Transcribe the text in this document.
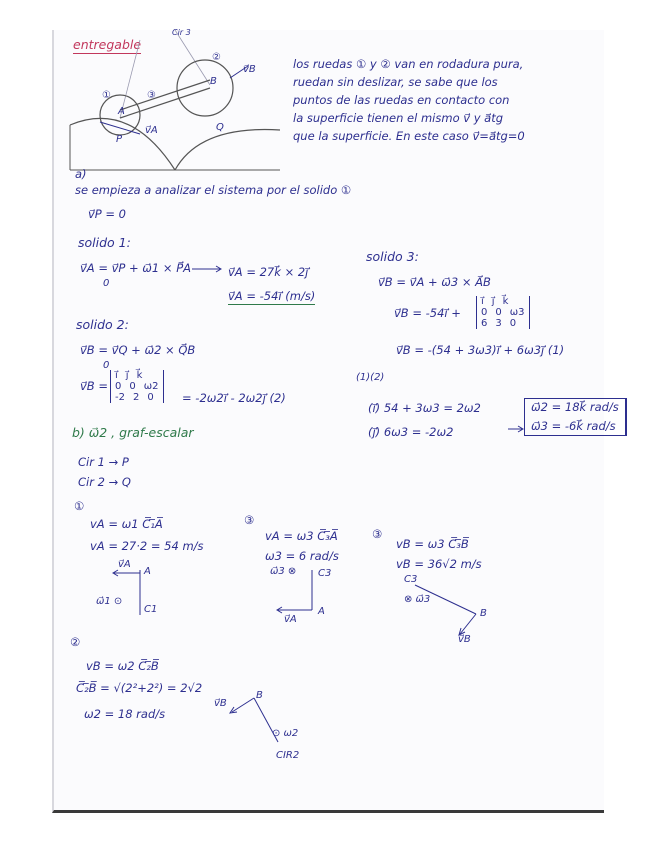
entregable
①	③
②
A
B
P
Q
v⃗A
v⃗B
Cir 3
los ruedas ① y ② van en rodadura pura,
ruedan sin deslizar, se sabe que los
puntos de las ruedas en contacto con
la superficie tienen el mismo v⃗ y a⃗tg
que la superficie. En este caso v⃗=a⃗tg=0
a)
se empieza a analizar el sistema por el solido ①
v⃗P = 0
solido 1:
v⃗A = v⃗P + ω⃗1 × P⃗A
0
v⃗A = 27k⃗ × 2j⃗
v⃗A = -54ı⃗ (m/s)
solido 3:
v⃗B = v⃗A + ω⃗3 × A⃗B
v⃗B = -54ı⃗ +
ı⃗ j⃗ k⃗
0 0 ω3
6 3 0
v⃗B = -(54 + 3ω3)ı⃗ + 6ω3j⃗ (1)
solido 2:
v⃗B = v⃗Q + ω⃗2 × Q⃗B
0
v⃗B =
ı⃗ j⃗ k⃗
0 0 ω2
-2 2 0 = -2ω2ı⃗ - 2ω2j⃗ (2)
(1)(2)
(ı⃗) 54 + 3ω3 = 2ω2
(j⃗) 6ω3 = -2ω2
ω⃗2 = 18k⃗ rad/s
ω⃗3 = -6k⃗ rad/s
b) ω⃗2 , graf-escalar
Cir 1 → P
Cir 2 → Q
①
vA = ω1 C̅₁̅A̅
vA = 27·2 = 54 m/s
v⃗A
A
ω⃗1 ⊙
C1
③
vA = ω3 C̅₃̅A̅
ω3 = 6 rad/s
ω⃗3 ⊗ C3
A
v⃗A
③
vB = ω3 C̅₃̅B̅
vB = 36√2 m/s
C3
⊗ ω⃗3
B
v⃗B
②
vB = ω2 C̅₂̅B̅
C̅₂̅B̅ = √(2²+2²) = 2√2
ω2 = 18 rad/s
v⃗B
B
⊙ ω2
CIR2
